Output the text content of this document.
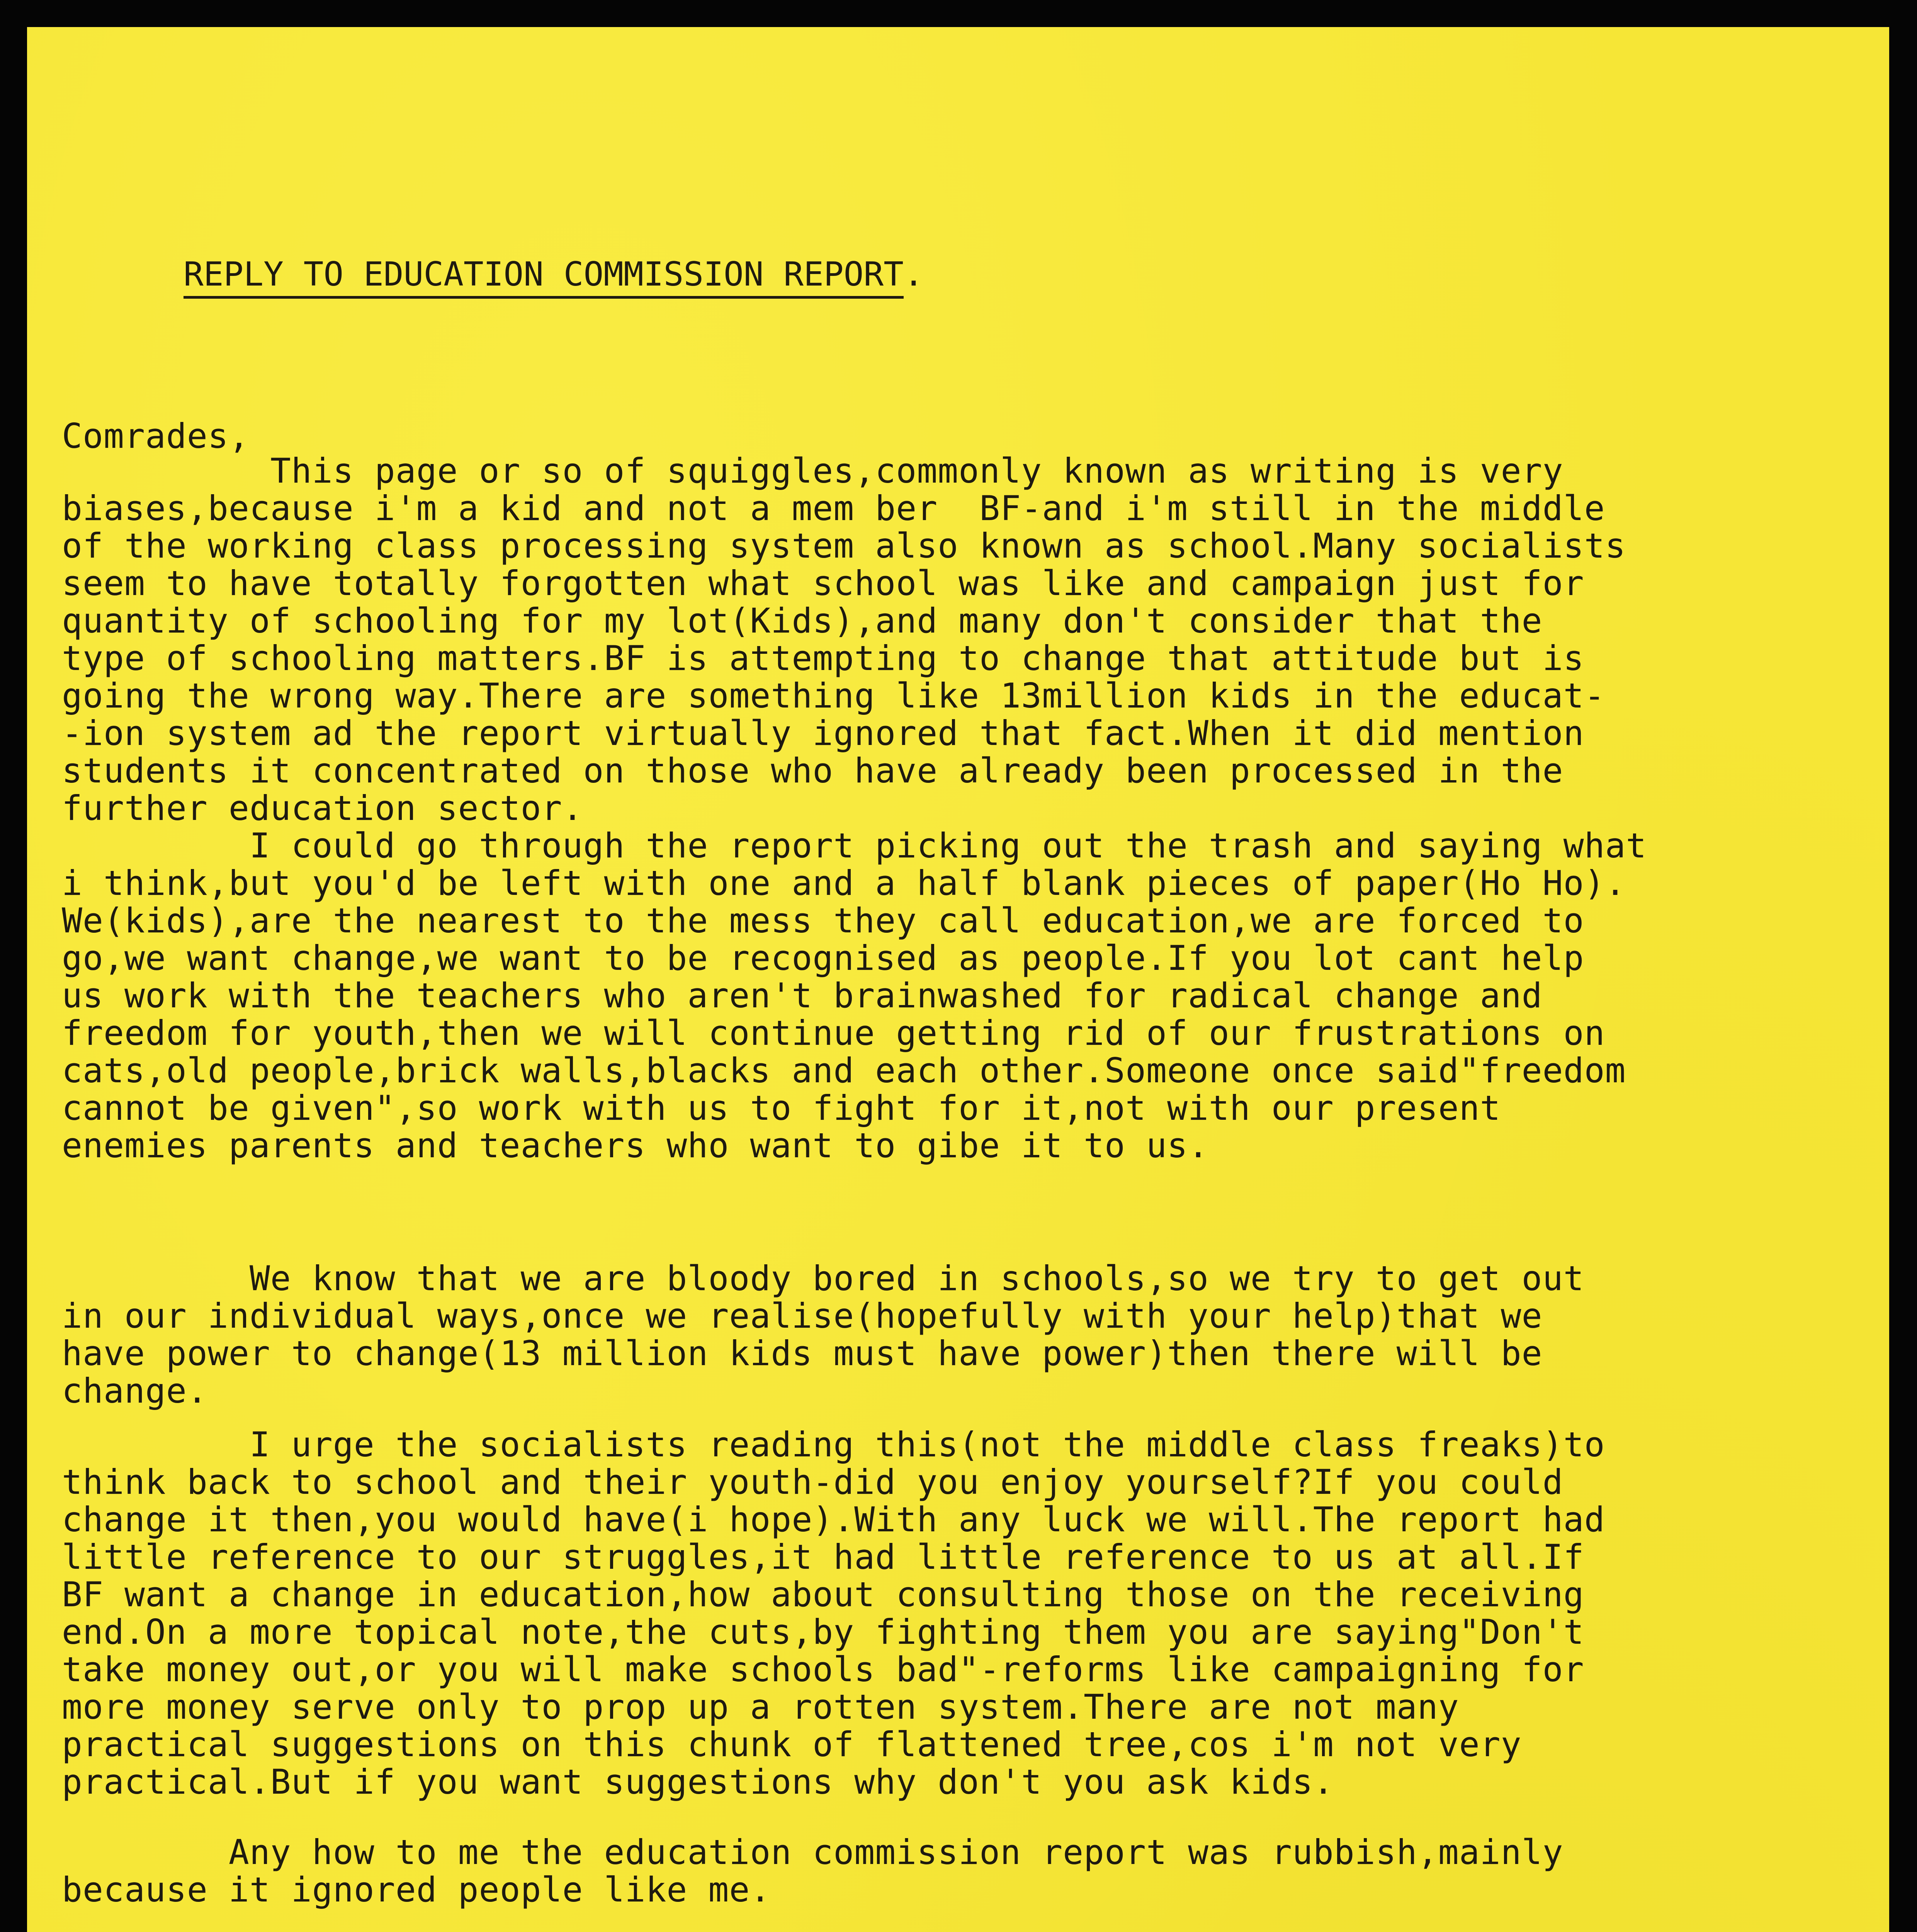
REPLY TO EDUCATION COMMISSION REPORT.
Comrades,
This page or so of squiggles,commonly known as writing is very
biases,because i'm a kid and not a mem ber  BF-and i'm still in the middle
of the working class processing system also known as school.Many socialists
seem to have totally forgotten what school was like and campaign just for
quantity of schooling for my lot(Kids),and many don't consider that the
type of schooling matters.BF is attempting to change that attitude but is
going the wrong way.There are something like 13million kids in the educat-
-ion system ad the report virtually ignored that fact.When it did mention
students it concentrated on those who have already been processed in the
further education sector.
I could go through the report picking out the trash and saying what
i think,but you'd be left with one and a half blank pieces of paper(Ho Ho).
We(kids),are the nearest to the mess they call education,we are forced to
go,we want change,we want to be recognised as people.If you lot cant help
us work with the teachers who aren't brainwashed for radical change and
freedom for youth,then we will continue getting rid of our frustrations on
cats,old people,brick walls,blacks and each other.Someone once said"freedom
cannot be given",so work with us to fight for it,not with our present
enemies parents and teachers who want to gibe it to us.
We know that we are bloody bored in schools,so we try to get out
in our individual ways,once we realise(hopefully with your help)that we
have power to change(13 million kids must have power)then there will be
change.
I urge the socialists reading this(not the middle class freaks)to
think back to school and their youth-did you enjoy yourself?If you could
change it then,you would have(i hope).With any luck we will.The report had
little reference to our struggles,it had little reference to us at all.If
BF want a change in education,how about consulting those on the receiving
end.On a more topical note,the cuts,by fighting them you are saying"Don't
take money out,or you will make schools bad"-reforms like campaigning for
more money serve only to prop up a rotten system.There are not many
practical suggestions on this chunk of flattened tree,cos i'm not very
practical.But if you want suggestions why don't you ask kids.
Any how to me the education commission report was rubbish,mainly
because it ignored people like me.
